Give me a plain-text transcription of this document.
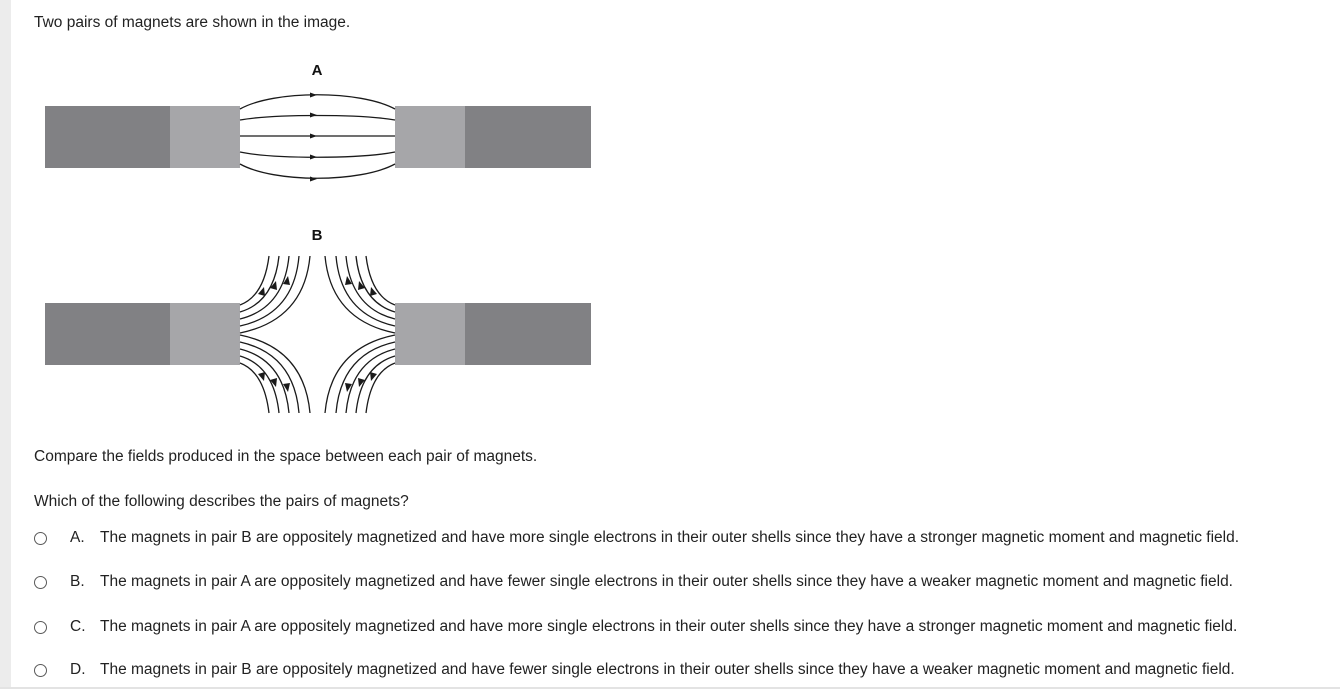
Two pairs of magnets are shown in the image.
A
B
Compare the fields produced in the space between each pair of magnets.
Which of the following describes the pairs of magnets?
A. The magnets in pair B are oppositely magnetized and have more single electrons in their outer shells since they have a stronger magnetic moment and magnetic field.
B. The magnets in pair A are oppositely magnetized and have fewer single electrons in their outer shells since they have a weaker magnetic moment and magnetic field.
C. The magnets in pair A are oppositely magnetized and have more single electrons in their outer shells since they have a stronger magnetic moment and magnetic field.
D. The magnets in pair B are oppositely magnetized and have fewer single electrons in their outer shells since they have a weaker magnetic moment and magnetic field.
